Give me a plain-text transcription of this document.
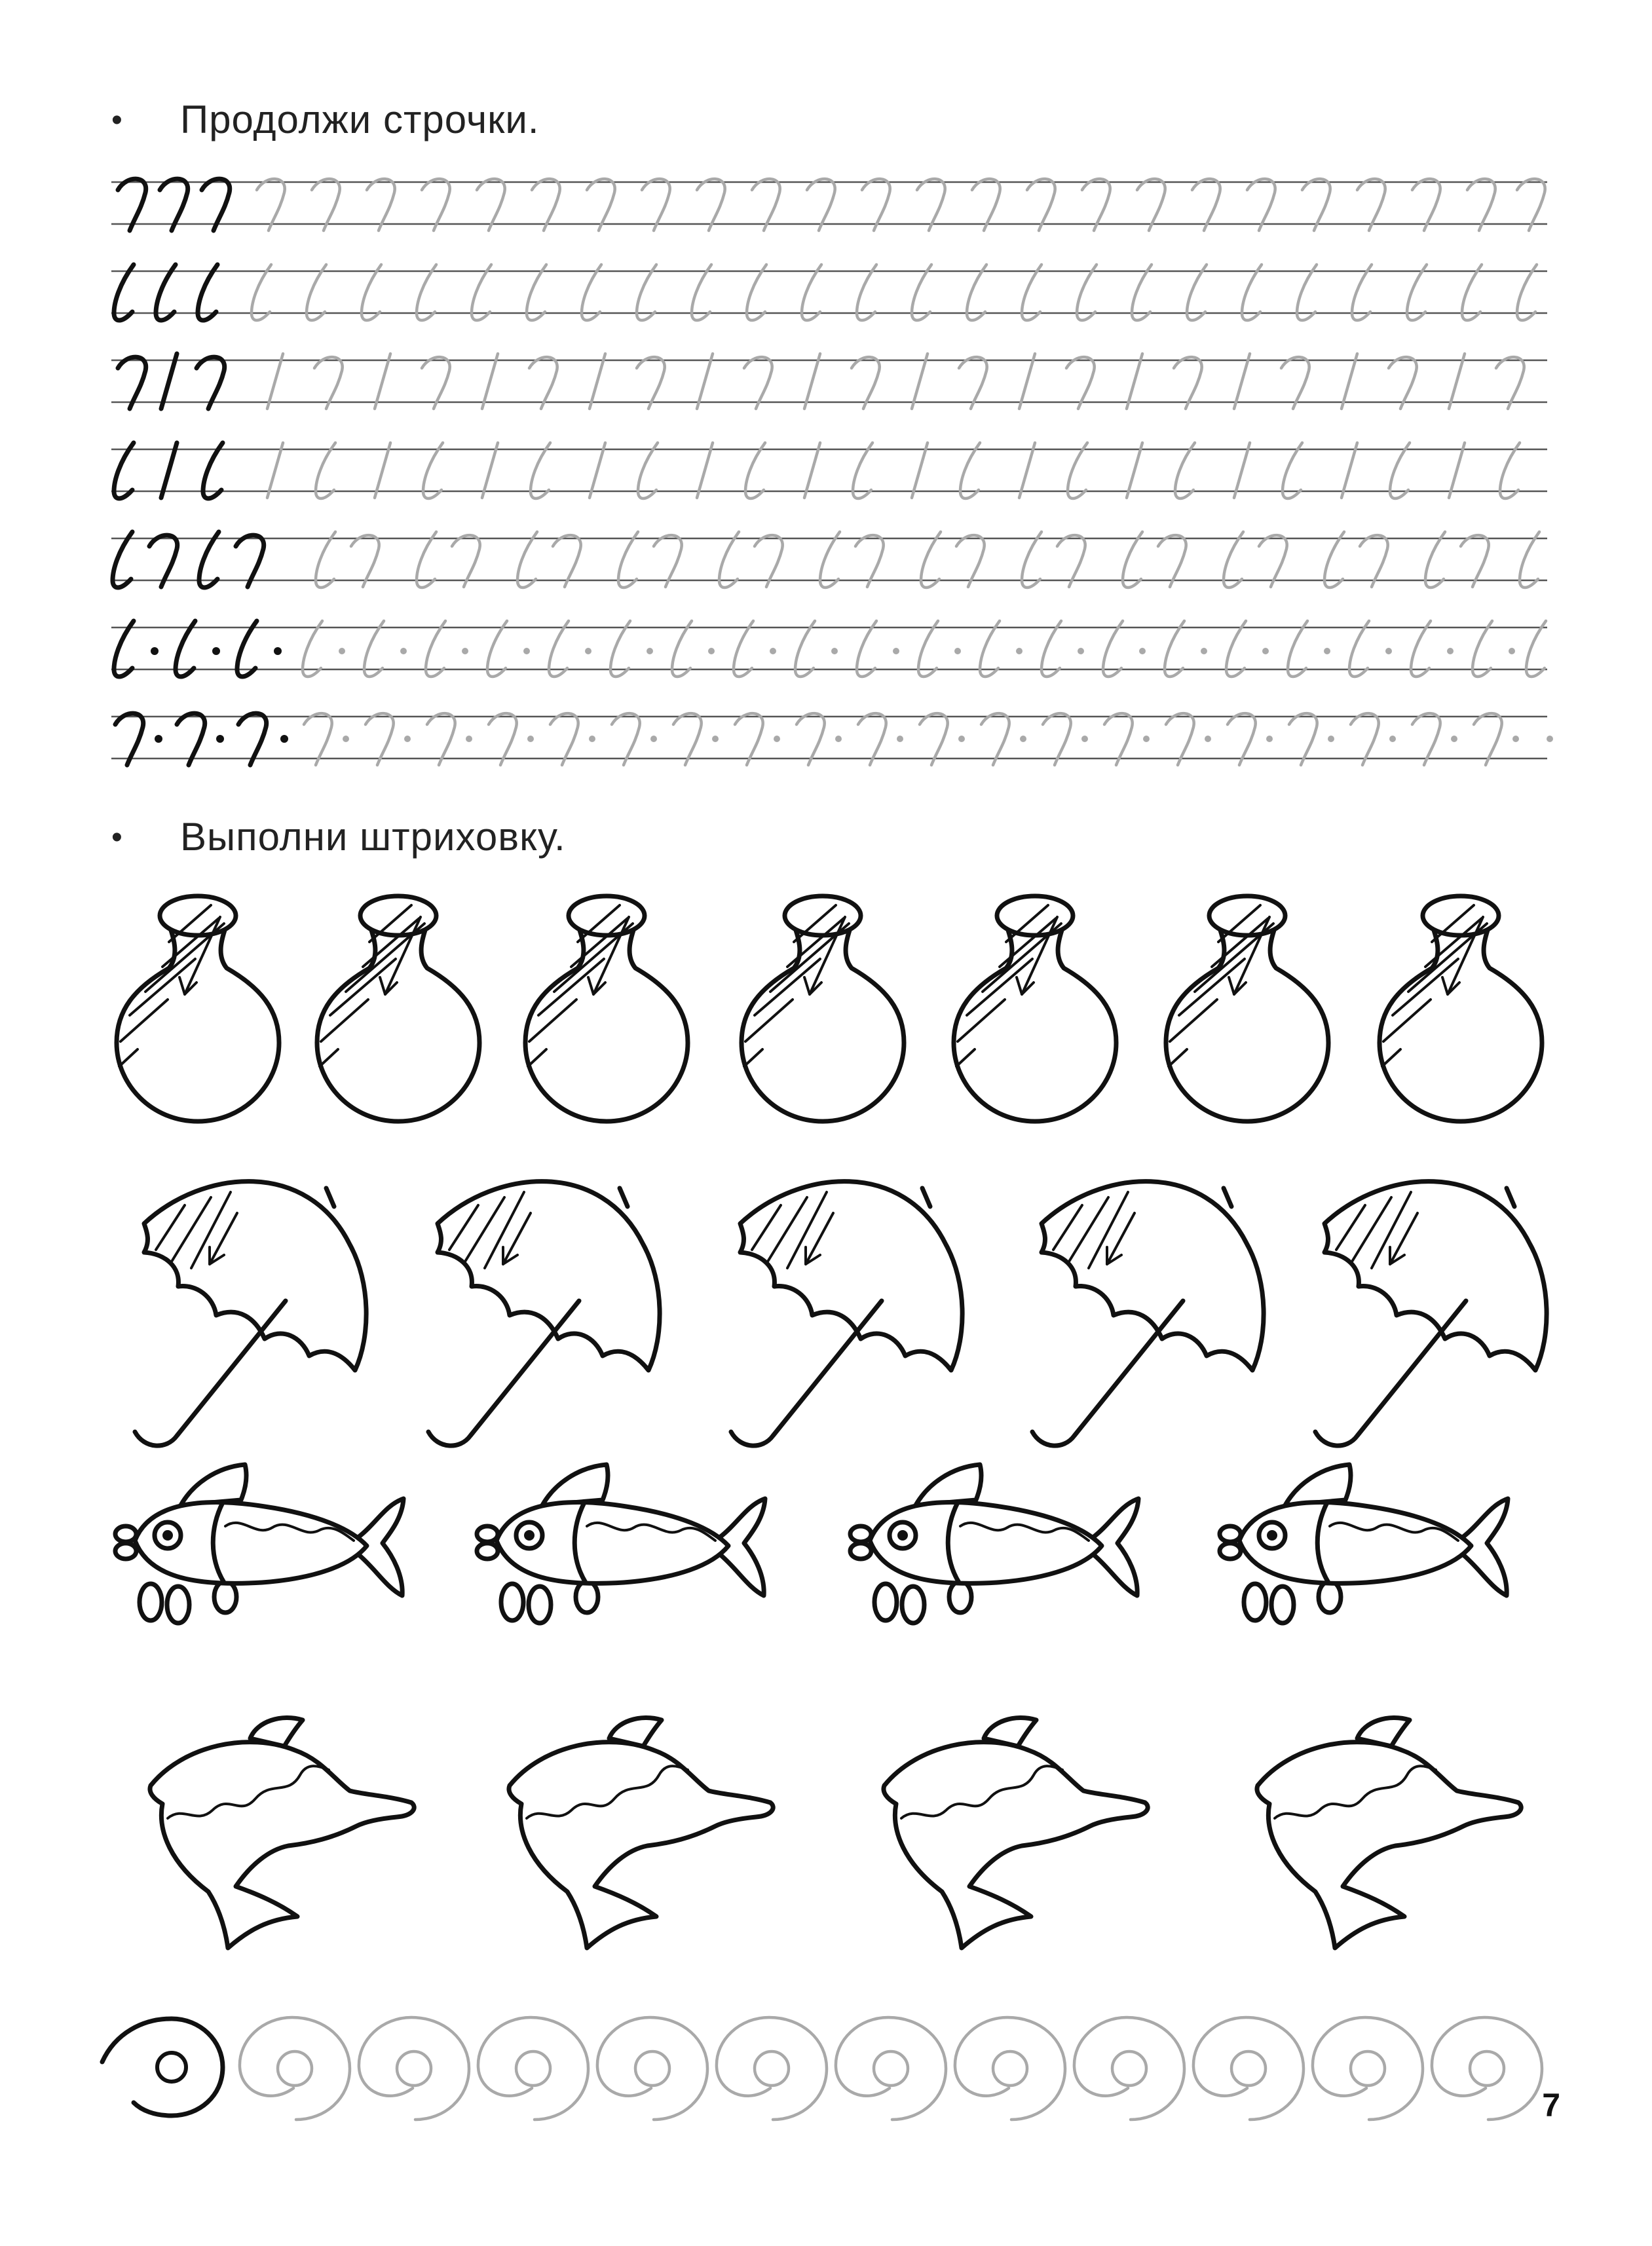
• Продолжи строчки.
• Выполни штриховку.
7
